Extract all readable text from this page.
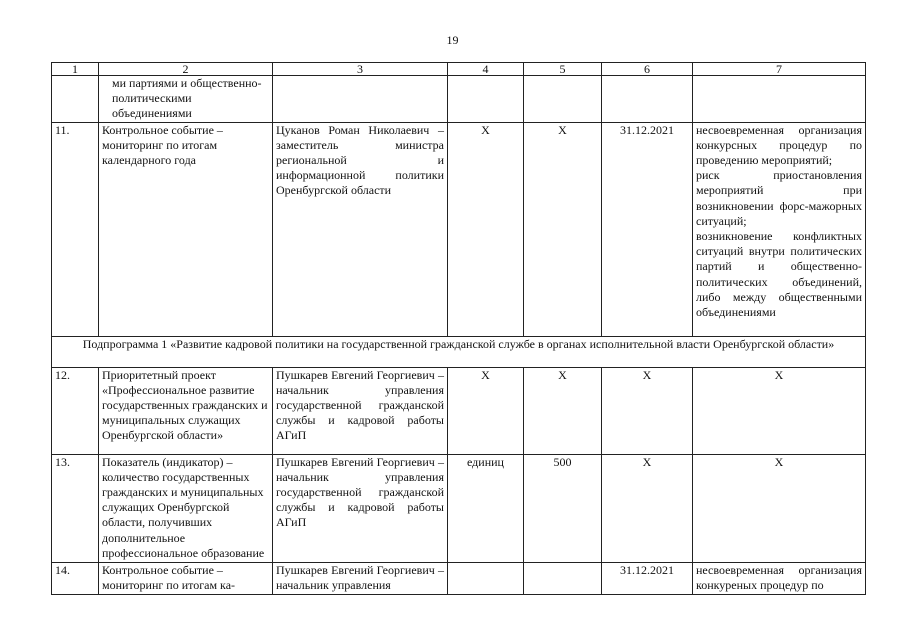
19
1	2	3	4	5	6	7
	ми партиями и общественно-политическими объединениями					
11.	Контрольное событие – мониторинг по итогам календарного года	Цуканов Роман Николаевич – заместитель министра региональной и информационной политики Оренбургской области	Х	Х	31.12.2021	несвоевременная организация конкурсных процедур по проведению мероприятий;
риск приостановления мероприятий при возникновении форс-мажорных ситуаций;
возникновение конфликтных ситуаций внутри политических партий и общественно-политических объединений, либо между общественными объединениями
Подпрограмма 1 «Развитие кадровой политики на государственной гражданской службе в органах исполнительной власти Оренбургской области»						
12.	Приоритетный проект «Профессиональное развитие государственных гражданских и муниципальных служащих Оренбургской области»	Пушкарев Евгений Георгиевич – начальник управления государственной гражданской службы и кадровой работы АГиП	Х	Х	Х	Х
13.	Показатель (индикатор) – количество государственных гражданских и муниципальных служащих Оренбургской области, получивших дополнительное профессиональное образование	Пушкарев Евгений Георгиевич – начальник управления государственной гражданской службы и кадровой работы АГиП	единиц	500	Х	Х
14.	Контрольное событие – мониторинг по итогам ка-	Пушкарев Евгений Георгиевич – начальник управления			31.12.2021	несвоевременная организация конкуреных процедур по
